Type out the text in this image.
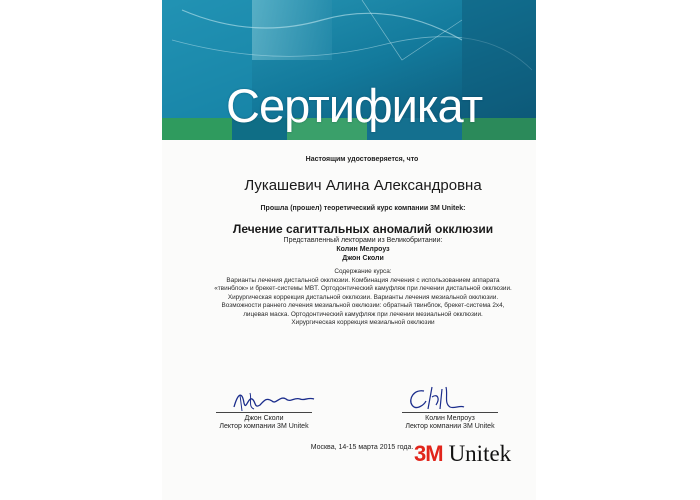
Сертификат
Настоящим удостоверяется, что
Лукашевич Алина Александровна
Прошла (прошел) теоретический курс компании 3M Unitek:
Лечение сагиттальных аномалий окклюзии
Представленный лекторами из Великобритании:
Колин Мелроуз
Джон Сколи
Содержание курса:
Варианты лечения дистальной окклюзии. Комбинация лечения с использованием аппарата
«твинблок» и брекет-системы MBT. Ортодонтический камуфляж при лечении дистальной окклюзии.
Хирургическая коррекция дистальной окклюзии. Варианты лечения мезиальной окклюзии.
Возможности раннего лечения мезиальной окклюзии: обратный твинблок, брекет-система 2x4,
лицевая маска. Ортодонтический камуфляж при лечении мезиальной окклюзии.
Хирургическая коррекция мезиальной окклюзии
Джон Сколи
Лектор компании 3M Unitek
Колин Мелроуз
Лектор компании 3M Unitek
Москва, 14-15 марта 2015 года. 3M Unitek
